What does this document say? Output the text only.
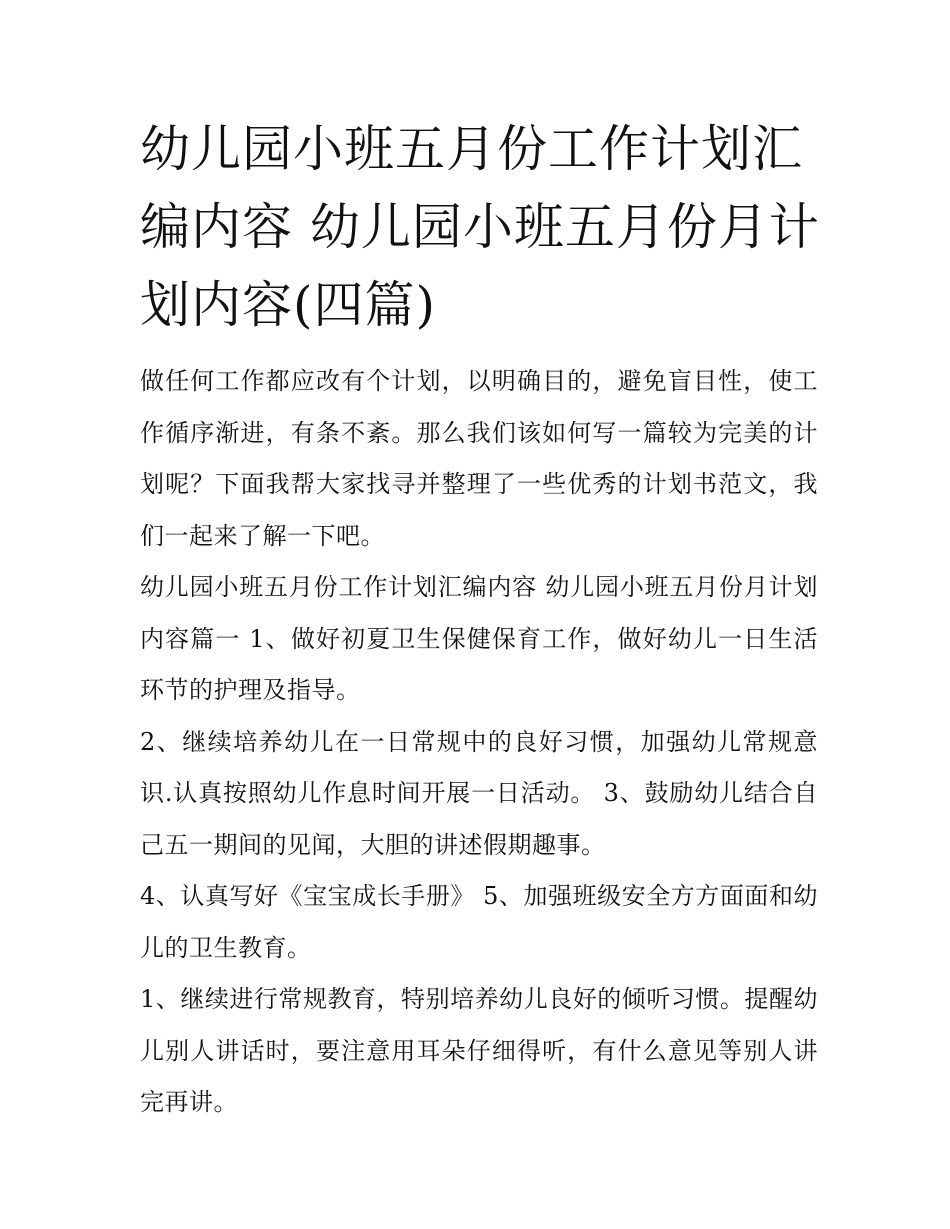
幼儿园小班五月份工作计划汇编内容 幼儿园小班五月份月计划内容(四篇)

做任何工作都应改有个计划，以明确目的，避免盲目性，使工作循序渐进，有条不紊。那么我们该如何写一篇较为完美的计划呢？下面我帮大家找寻并整理了一些优秀的计划书范文，我们一起来了解一下吧。

幼儿园小班五月份工作计划汇编内容 幼儿园小班五月份月计划内容篇一 1、做好初夏卫生保健保育工作，做好幼儿一日生活环节的护理及指导。

2、继续培养幼儿在一日常规中的良好习惯，加强幼儿常规意识.认真按照幼儿作息时间开展一日活动。 3、鼓励幼儿结合自己五一期间的见闻，大胆的讲述假期趣事。

4、认真写好《宝宝成长手册》 5、加强班级安全方方面面和幼儿的卫生教育。

1、继续进行常规教育，特别培养幼儿良好的倾听习惯。提醒幼儿别人讲话时，要注意用耳朵仔细得听，有什么意见等别人讲完再讲。
